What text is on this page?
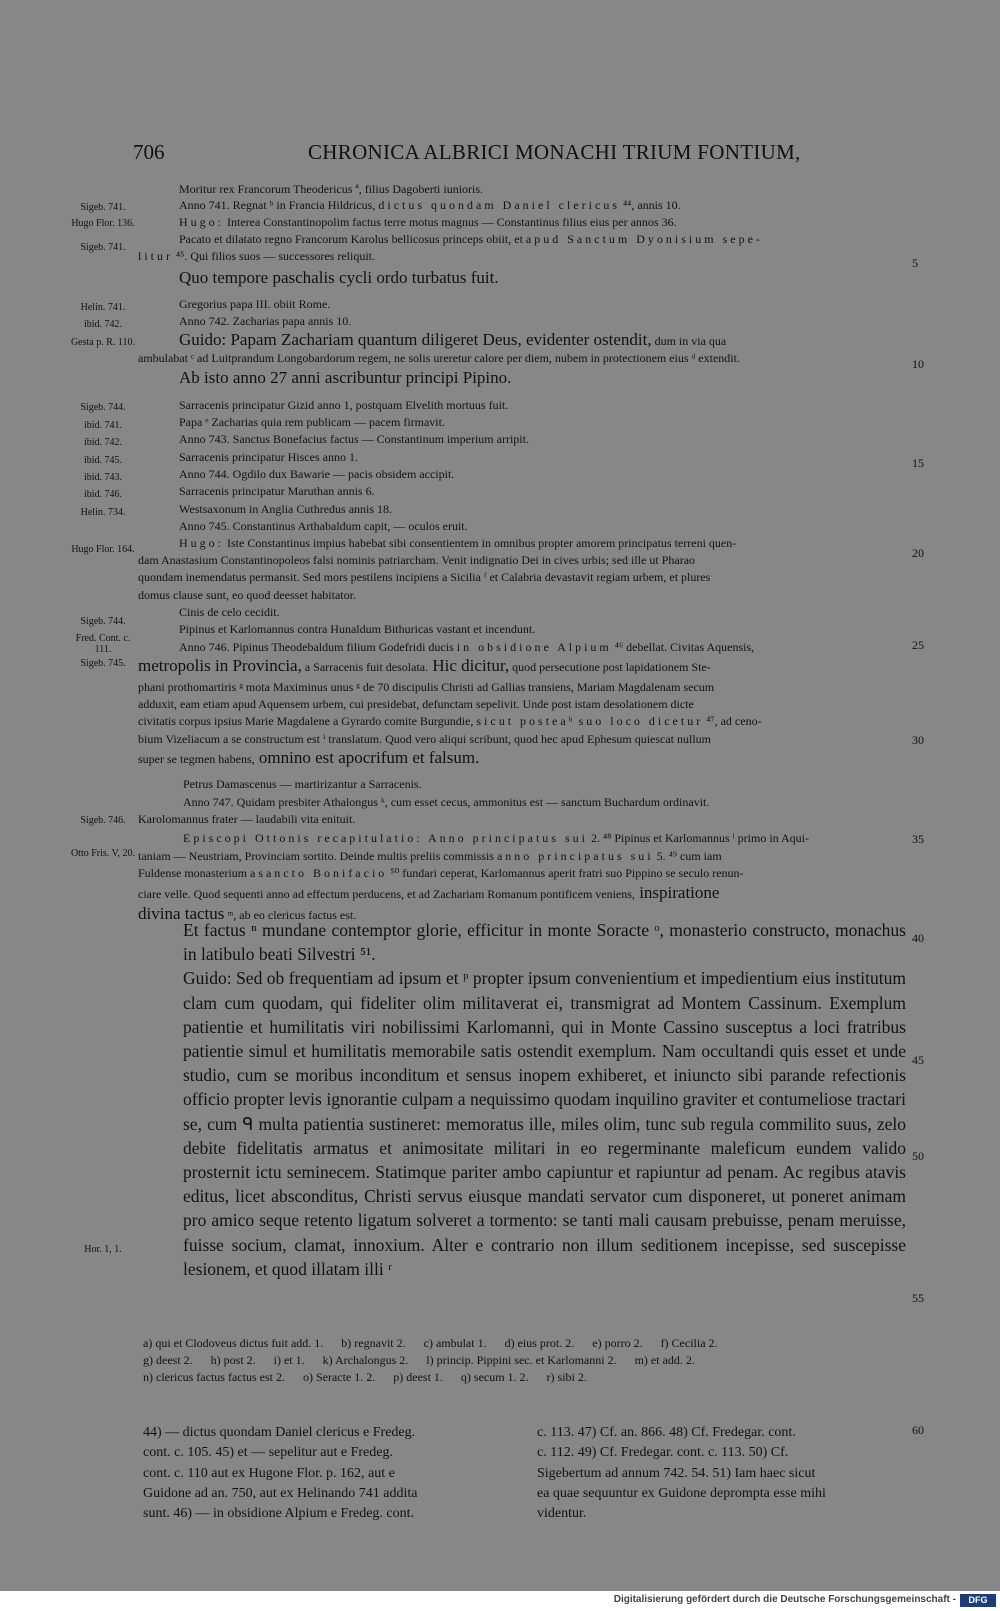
706	CHRONICA ALBRICI MONACHI TRIUM FONTIUM,
Sigeb. 741.
Hugo Flor. 136.
Sigeb. 741.
Helin. 741.
ibid. 742.
Gesta p. R. 110.
Sigeb. 744.
ibid. 741.
ibid. 742.
ibid. 745.
ibid. 743.
ibid. 746.
Helin. 734.
Hugo Flor. 164.
Sigeb. 744.
Fred. Cont. c. 111.
Sigeb. 745.
Sigeb. 746.
Otto Fris. V, 20.
Hor. 1, 1.
5
10
15
20
25
30
35
40
45
50
55
60
Moritur rex Francorum Theodericus ª, filius Dagoberti iunioris.
Anno 741. Regnat ᵇ in Francia Hildricus, dictus quondam Daniel clericus ⁴⁴, annis 10.
Hugo: Interea Constantinopolim factus terre motus magnus — Constantinus filius eius per annos 36.
Pacato et dilatato regno Francorum Karolus bellicosus princeps obiit, et apud Sanctum Dyonisium sepe-
litur ⁴⁵. Qui filios suos — successores reliquit.
Quo tempore paschalis cycli ordo turbatus fuit.
Gregorius papa III. obiit Rome.
Anno 742. Zacharias papa annis 10.
Guido: Papam Zachariam quantum diligeret Deus, evidenter ostendit, dum in via qua
ambulabat ᶜ ad Luitprandum Longobardorum regem, ne solis ureretur calore per diem, nubem in protectionem eius ᵈ extendit.
Ab isto anno 27 anni ascribuntur principi Pipino.
Sarracenis principatur Gizid anno 1, postquam Elvelith mortuus fuit.
Papa ᵉ Zacharias quia rem publicam — pacem firmavit.
Anno 743. Sanctus Bonefacius factus — Constantinum imperium arripit.
Sarracenis principatur Hisces anno 1.
Anno 744. Ogdilo dux Bawarie — pacis obsidem accipit.
Sarracenis principatur Maruthan annis 6.
Westsaxonum in Anglia Cuthredus annis 18.
Anno 745. Constantinus Arthabaldum capit, — oculos eruit.
Hugo: Iste Constantinus impius habebat sibi consentientem in omnibus propter amorem principatus terreni quen-
dam Anastasium Constantinopoleos falsi nominis patriarcham. Venit indignatio Dei in cives urbis; sed ille ut Pharao
quondam inemendatus permansit. Sed mors pestilens incipiens a Sicilia ᶠ et Calabria devastavit regiam urbem, et plures
domus clause sunt, eo quod deesset habitator.
Cinis de celo cecidit.
Pipinus et Karlomannus contra Hunaldum Bithuricas vastant et incendunt.
Anno 746. Pipinus Theodebaldum filium Godefridi ducis in obsidione Alpium ⁴⁶ debellat. Civitas Aquensis,
metropolis in Provincia, a Sarracenis fuit desolata. Hic dicitur, quod persecutione post lapidationem Ste-
phani prothomartiris ᵍ mota Maximinus unus ᵍ de 70 discipulis Christi ad Gallias transiens, Mariam Magdalenam secum
adduxit, eam etiam apud Aquensem urbem, cui presidebat, defunctam sepelivit. Unde post istam desolationem dicte
civitatis corpus ipsius Marie Magdalene a Gyrardo comite Burgundie, sicut posteaʰ suo loco dicetur ⁴⁷, ad ceno-
bium Vizeliacum a se constructum est ⁱ translatum. Quod vero aliqui scribunt, quod hec apud Ephesum quiescat nullum
super se tegmen habens, omnino est apocrifum et falsum.
Petrus Damascenus — martirizantur a Sarracenis.
Anno 747. Quidam presbiter Athalongus ᵏ, cum esset cecus, ammonitus est — sanctum Buchardum ordinavit.
Karolomannus frater — laudabili vita enituit.
Episcopi Ottonis recapitulatio: Anno principatus sui 2. ⁴⁸ Pipinus et Karlomannus ˡ primo in Aqui-
taniam — Neustriam, Provinciam sortito. Deinde multis preliis commissis anno principatus sui 5. ⁴⁹ cum iam
Fuldense monasterium a sancto Bonifacio ⁵⁰ fundari ceperat, Karlomannus aperit fratri suo Pippino se seculo renun-
ciare velle. Quod sequenti anno ad effectum perducens, et ad Zachariam Romanum pontificem veniens, inspiratione
divina tactus ᵐ, ab eo clericus factus est.

Et factus ⁿ mundane contemptor glorie, efficitur in monte Soracte ᵒ, monasterio constructo, monachus in latibulo beati Silvestri ⁵¹.

Guido: Sed ob frequentiam ad ipsum et ᵖ propter ipsum convenientium et impedientium eius institutum clam cum quodam, qui fideliter olim militaverat ei, transmigrat ad Montem Cassinum. Exemplum patientie et humilitatis viri nobilissimi Karlomanni, qui in Monte Cassino susceptus a loci fratribus patientie simul et humilitatis memorabile satis ostendit exemplum. Nam occultandi quis esset et unde studio, cum se moribus inconditum et sensus inopem exhiberet, et iniuncto sibi parande refectionis officio propter levis ignorantie culpam a nequissimo quodam inquilino graviter et contumeliose tractari se, cum ᑫ multa patientia sustineret: memoratus ille, miles olim, tunc sub regula commilito suus, zelo debite fidelitatis armatus et animositate militari in eo regerminante maleficum eundem valido prosternit ictu seminecem. Statimque pariter ambo capiuntur et rapiuntur ad penam. Ac regibus atavis editus, licet absconditus, Christi servus eiusque mandati servator cum disponeret, ut poneret animam pro amico seque retento ligatum solveret a tormento: se tanti mali causam prebuisse, penam meruisse, fuisse socium, clamat, innoxium. Alter e contrario non illum seditionem incepisse, sed suscepisse lesionem, et quod illatam illi ʳ

a) qui et Clodoveus dictus fuit add. 1.      b) regnavit 2.      c) ambulat 1.      d) eius prot. 2.      e) porro 2.      f) Cecilia 2.
g) deest 2.      h) post 2.      i) et 1.      k) Archalongus 2.      l) princip. Pippini sec. et Karlomanni 2.      m) et add. 2.
n) clericus factus factus est 2.      o) Seracte 1. 2.      p) deest 1.      q) secum 1. 2.      r) sibi 2.
44) — dictus quondam Daniel clericus e Fredeg.
cont. c. 105. 45) et — sepelitur aut e Fredeg.
cont. c. 110 aut ex Hugone Flor. p. 162, aut e
Guidone ad an. 750, aut ex Helinando 741 addita
sunt. 46) — in obsidione Alpium e Fredeg. cont.
c. 113. 47) Cf. an. 866. 48) Cf. Fredegar. cont.
c. 112. 49) Cf. Fredegar. cont. c. 113. 50) Cf.
Sigebertum ad annum 742. 54. 51) Iam haec sicut
ea quae sequuntur ex Guidone deprompta esse mihi
videntur.
Digitalisierung gefördert durch die Deutsche Forschungsgemeinschaft -	DFG
